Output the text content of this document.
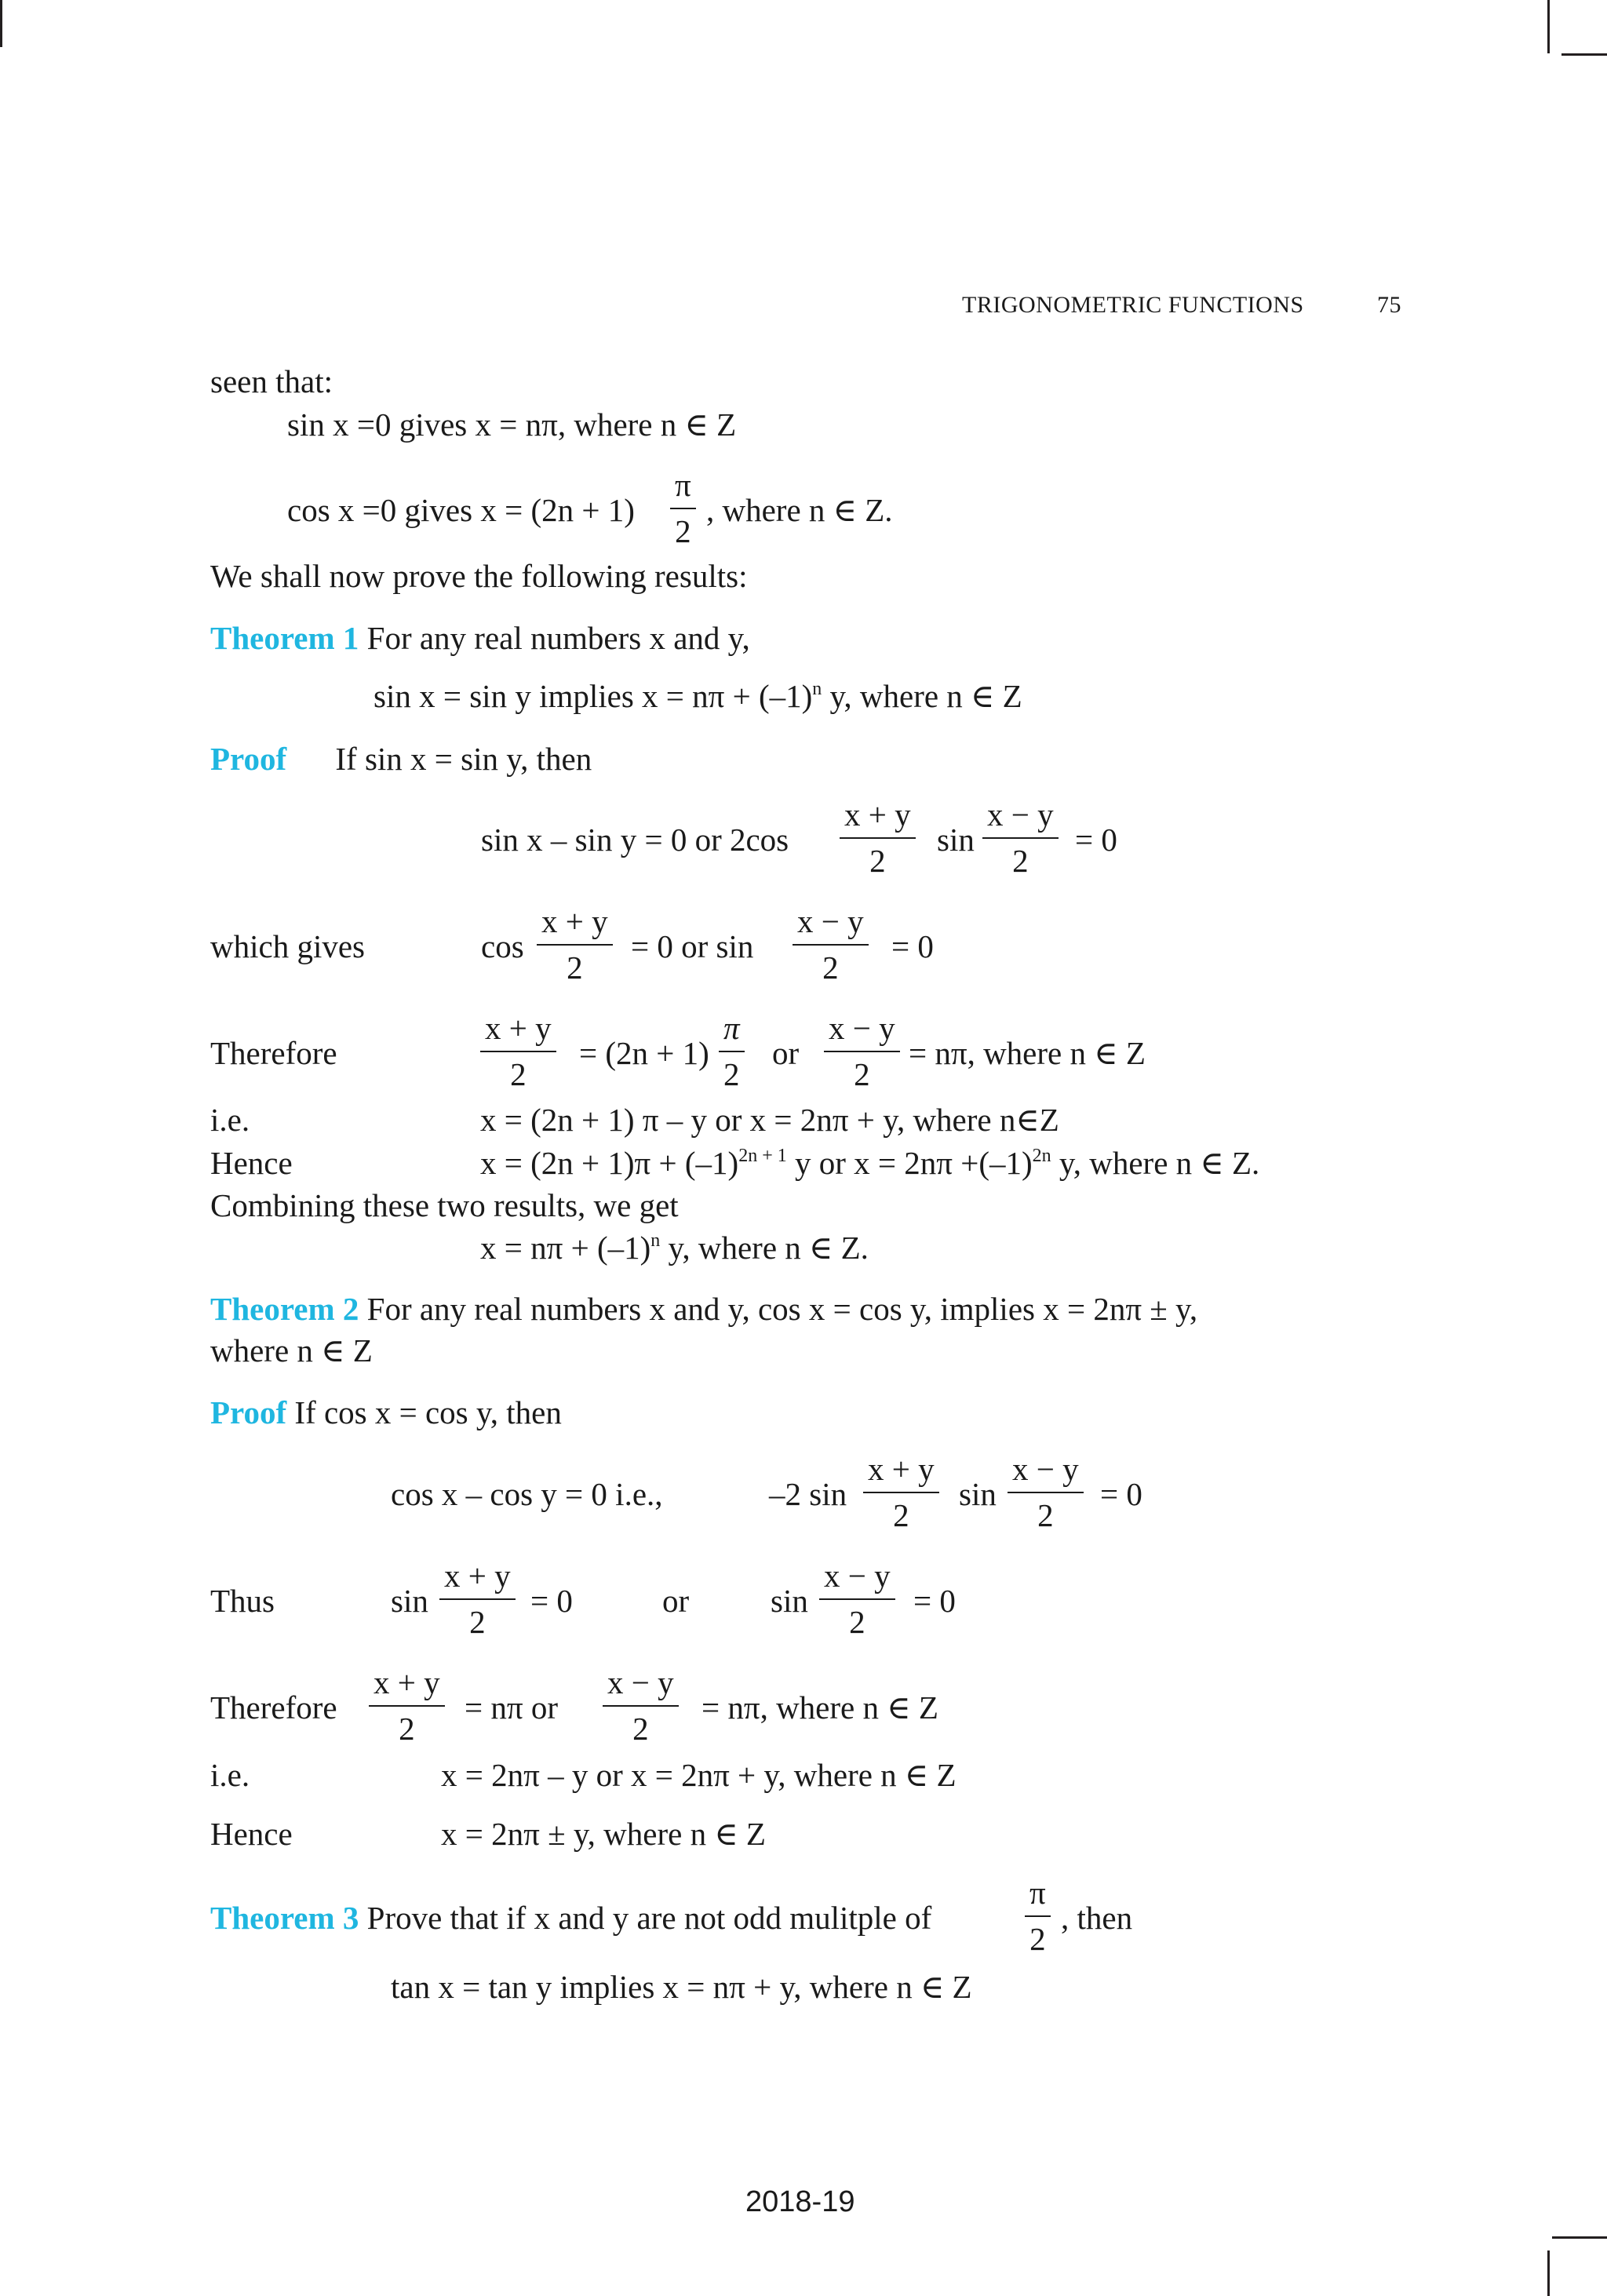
TRIGONOMETRIC FUNCTIONS	75
seen that:
sin x =0 gives x = nπ, where n ∈ Z
cos x =0 gives $x = (2n + 1) \frac{\pi}{2}$ , where n ∈ Z.
We shall now prove the following results:
Theorem 1 For any real numbers x and y,
sin x = sin y implies $x = n\pi + (-1)^n$ y, where n ∈ Z
Proof If sin x = sin y, then
sin x – sin y = 0 or $2\cos \frac{x + y}{2}$ $\sin \frac{x - y}{2} = 0$
which gives	$\cos \frac{x + y}{2} = 0$ or $\sin \frac{x - y}{2} = 0$
Therefore	$\frac{x + y}{2} = (2n + 1) \frac{\pi}{2}$ or $\frac{x - y}{2} = n\pi$, where n ∈ Z
i.e.	x = (2n + 1) π – y or x = 2nπ + y, where n∈Z
Hence	$x = (2n + 1)\pi + (-1)^{2n + 1}$ y or $x = 2n\pi +(-1)^{2n}$ y, where n ∈ Z.
Combining these two results, we get
$x = n\pi + (-1)^n$ y, where n ∈ Z.
Theorem 2 For any real numbers x and y, cos x = cos y, implies x = 2nπ ± y,
where n ∈ Z
Proof If cos x = cos y, then
cos x – cos y = 0 i.e.,	–2 $\sin \frac{x + y}{2}$ $\sin \frac{x - y}{2} = 0$
Thus	$\sin \frac{x + y}{2} = 0$	or	$\sin \frac{x - y}{2} = 0$
Therefore $\frac{x + y}{2} = n\pi$ or $\frac{x - y}{2} = n\pi$, where n ∈ Z
i.e.	x = 2nπ – y or x = 2nπ + y, where n ∈ Z
Hence	x = 2nπ ± y, where n ∈ Z
Theorem 3 Prove that if x and y are not odd mulitple of	$\frac{\pi}{2}$ , then
tan x = tan y implies x = nπ + y, where n ∈ Z
2018-19
